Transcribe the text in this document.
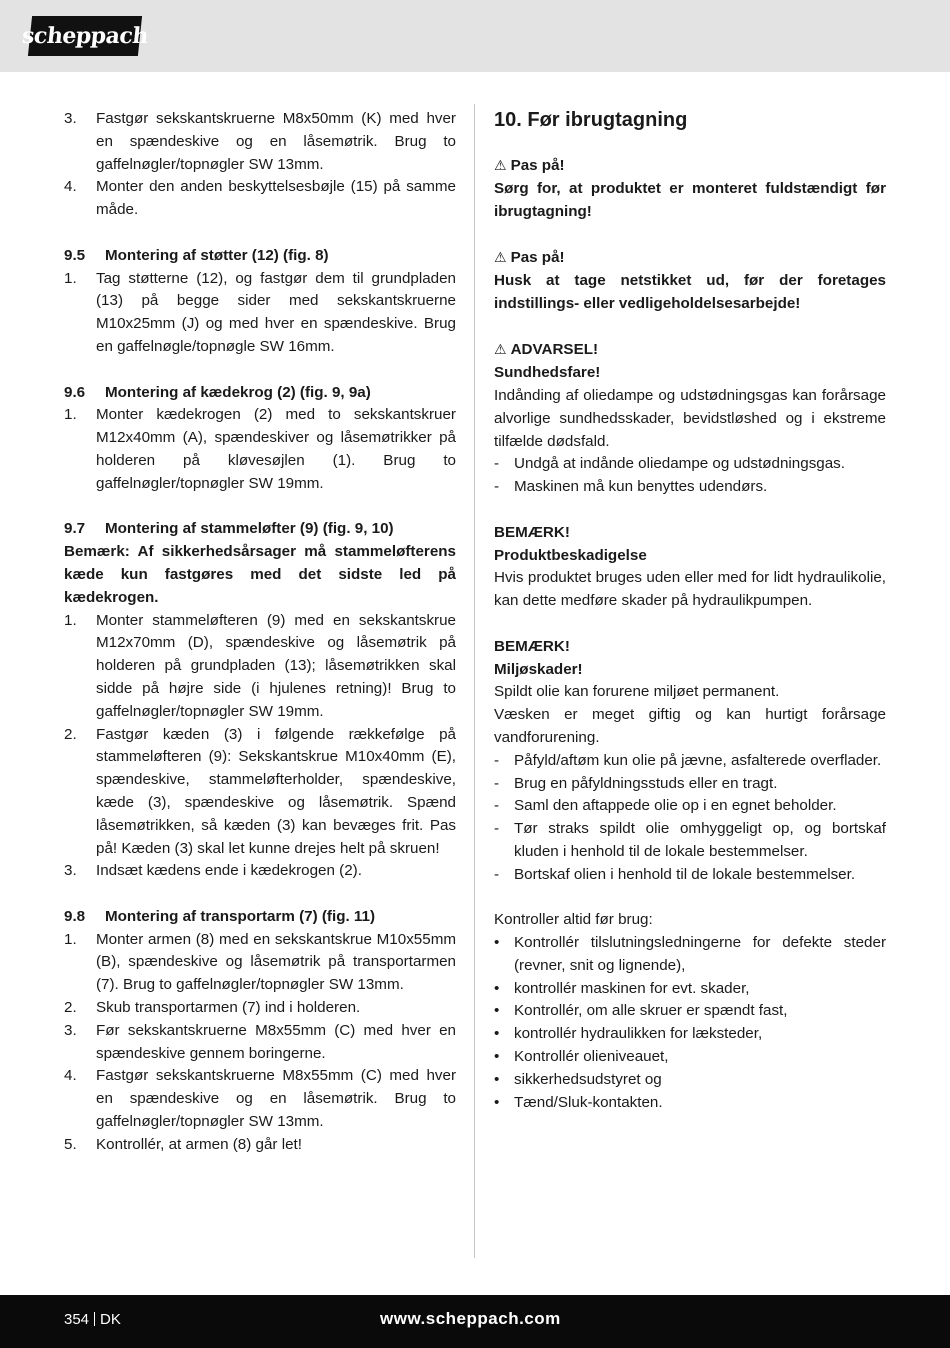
scheppach
3.	Fastgør sekskantskruerne M8x50mm (K) med hver en spændeskive og en låsemøtrik. Brug to gaffelnøgler/topnøgler SW 13mm.
4.	Monter den anden beskyttelsesbøjle (15) på samme måde.
9.5	Montering af støtter (12) (fig. 8)
1.	Tag støtterne (12), og fastgør dem til grundpladen (13) på begge sider med sekskantskruerne M10x25mm (J) og med hver en spændeskive. Brug en gaffelnøgle/topnøgle SW 16mm.
9.6	Montering af kædekrog (2) (fig. 9, 9a)
1.	Monter kædekrogen (2) med to sekskantskruer M12x40mm (A), spændeskiver og låsemøtrikker på holderen på kløvesøjlen (1). Brug to gaffelnøgler/topnøgler SW 19mm.
9.7	Montering af stammeløfter (9) (fig. 9, 10)
Bemærk: Af sikkerhedsårsager må stammeløfterens kæde kun fastgøres med det sidste led på kædekrogen.
1.	Monter stammeløfteren (9) med en sekskantskrue M12x70mm (D), spændeskive og låsemøtrik på holderen på grundpladen (13); låsemøtrikken skal sidde på højre side (i hjulenes retning)! Brug to gaffelnøgler/topnøgler SW 19mm.
2.	Fastgør kæden (3) i følgende rækkefølge på stammeløfteren (9): Sekskantskrue M10x40mm (E), spændeskive, stammeløfterholder, spændeskive, kæde (3), spændeskive og låsemøtrik. Spænd låsemøtrikken, så kæden (3) kan bevæges frit. Pas på! Kæden (3) skal let kunne drejes helt på skruen!
3.	Indsæt kædens ende i kædekrogen (2).
9.8	Montering af transportarm (7) (fig. 11)
1.	Monter armen (8) med en sekskantskrue M10x55mm (B), spændeskive og låsemøtrik på transportarmen (7). Brug to gaffelnøgler/topnøgler SW 13mm.
2.	Skub transportarmen (7) ind i holderen.
3.	Før sekskantskruerne M8x55mm (C) med hver en spændeskive gennem boringerne.
4.	Fastgør sekskantskruerne M8x55mm (C) med hver en spændeskive og en låsemøtrik. Brug to gaffelnøgler/topnøgler SW 13mm.
5.	Kontrollér, at armen (8) går let!
10. Før ibrugtagning
⚠ Pas på!
Sørg for, at produktet er monteret fuldstændigt før ibrugtagning!
⚠ Pas på!
Husk at tage netstikket ud, før der foretages indstillings- eller vedligeholdelsesarbejde!
⚠ ADVARSEL!
Sundhedsfare!
Indånding af oliedampe og udstødningsgas kan forårsage alvorlige sundhedsskader, bevidstløshed og i ekstreme tilfælde dødsfald.
- Undgå at indånde oliedampe og udstødningsgas.
- Maskinen må kun benyttes udendørs.
BEMÆRK!
Produktbeskadigelse
Hvis produktet bruges uden eller med for lidt hydraulikolie, kan dette medføre skader på hydraulikpumpen.
BEMÆRK!
Miljøskader!
Spildt olie kan forurene miljøet permanent.
Væsken er meget giftig og kan hurtigt forårsage vandforurening.
- Påfyld/aftøm kun olie på jævne, asfalterede overflader.
- Brug en påfyldningsstuds eller en tragt.
- Saml den aftappede olie op i en egnet beholder.
- Tør straks spildt olie omhyggeligt op, og bortskaf kluden i henhold til de lokale bestemmelser.
- Bortskaf olien i henhold til de lokale bestemmelser.
Kontroller altid før brug:
• Kontrollér tilslutningsledningerne for defekte steder (revner, snit og lignende),
• kontrollér maskinen for evt. skader,
• Kontrollér, om alle skruer er spændt fast,
• kontrollér hydraulikken for læksteder,
• Kontrollér olieniveauet,
• sikkerhedsudstyret og
• Tænd/Sluk-kontakten.
354 DK	www.scheppach.com
